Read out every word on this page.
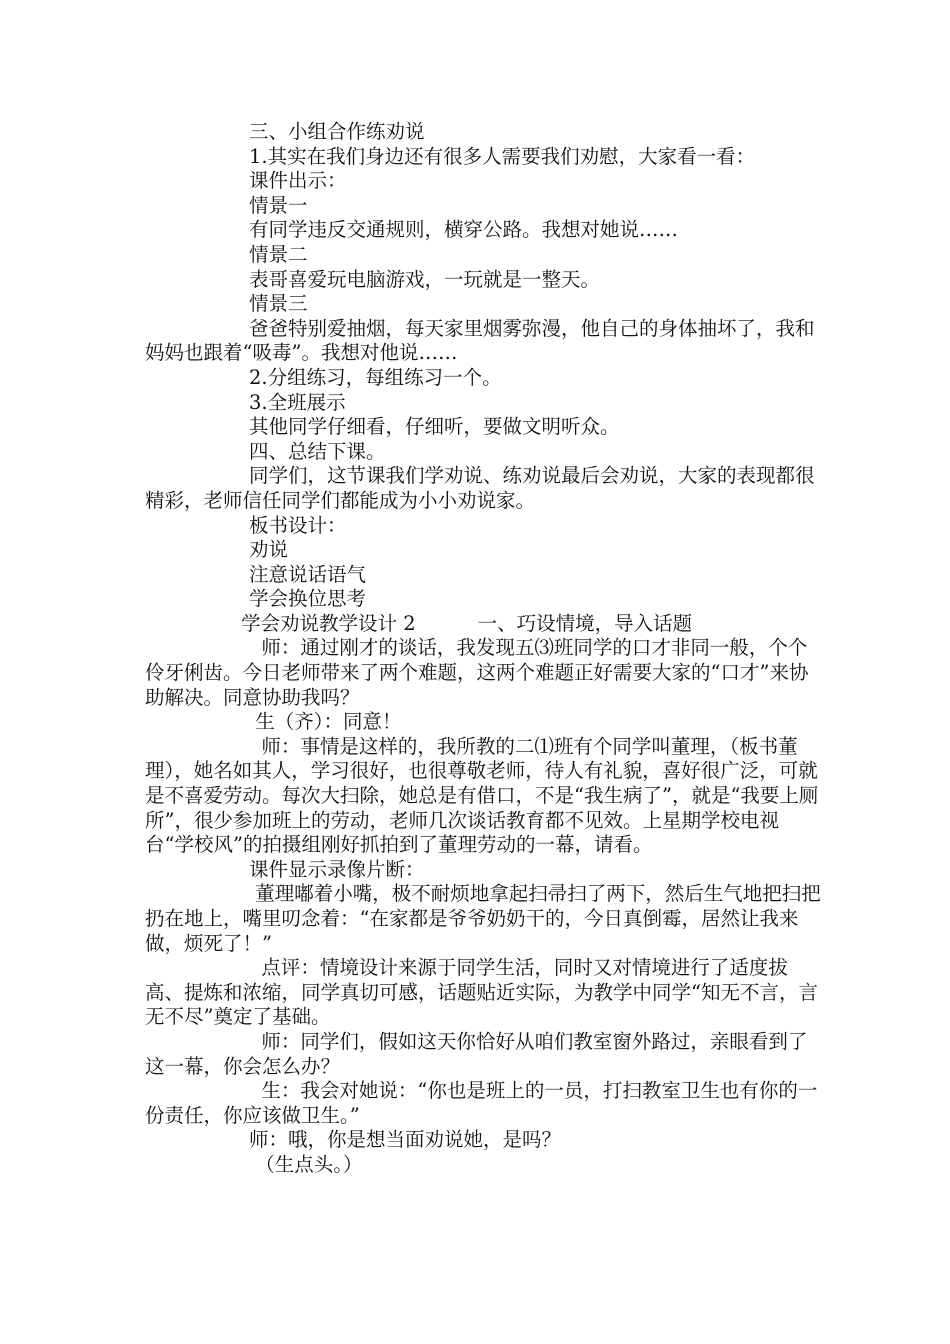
三、小组合作练劝说

1.其实在我们身边还有很多人需要我们劝慰，大家看一看：

课件出示：

情景一

有同学违反交通规则，横穿公路。我想对她说……

情景二

表哥喜爱玩电脑游戏，一玩就是一整天。

情景三

爸爸特别爱抽烟，每天家里烟雾弥漫，他自己的身体抽坏了，我和妈妈也跟着“吸毒”。我想对他说……

2.分组练习，每组练习一个。

3.全班展示

其他同学仔细看，仔细听，要做文明听众。

四、总结下课。

同学们，这节课我们学劝说、练劝说最后会劝说，大家的表现都很精彩，老师信任同学们都能成为小小劝说家。

板书设计：

劝说

注意说话语气

学会换位思考

学会劝说教学设计 2          一、巧设情境，导入话题

师：通过刚才的谈话，我发现五⑶班同学的口才非同一般，个个伶牙俐齿。今日老师带来了两个难题，这两个难题正好需要大家的“口才”来协助解决。同意协助我吗？

生（齐）：同意！

师：事情是这样的，我所教的二⑴班有个同学叫董理，（板书董理），她名如其人，学习很好，也很尊敬老师，待人有礼貌，喜好很广泛，可就是不喜爱劳动。每次大扫除，她总是有借口，不是“我生病了”，就是“我要上厕所”，很少参加班上的劳动，老师几次谈话教育都不见效。上星期学校电视台“学校风”的拍摄组刚好抓拍到了董理劳动的一幕，请看。

课件显示录像片断：

董理嘟着小嘴，极不耐烦地拿起扫帚扫了两下，然后生气地把扫把扔在地上，嘴里叨念着：“在家都是爷爷奶奶干的，今日真倒霉，居然让我来做，烦死了！”

点评：情境设计来源于同学生活，同时又对情境进行了适度拔高、提炼和浓缩，同学真切可感，话题贴近实际，为教学中同学“知无不言，言无不尽”奠定了基础。

师：同学们，假如这天你恰好从咱们教室窗外路过，亲眼看到了这一幕，你会怎么办？

生：我会对她说：“你也是班上的一员，打扫教室卫生也有你的一份责任，你应该做卫生。”

师：哦，你是想当面劝说她，是吗？

（生点头。）
